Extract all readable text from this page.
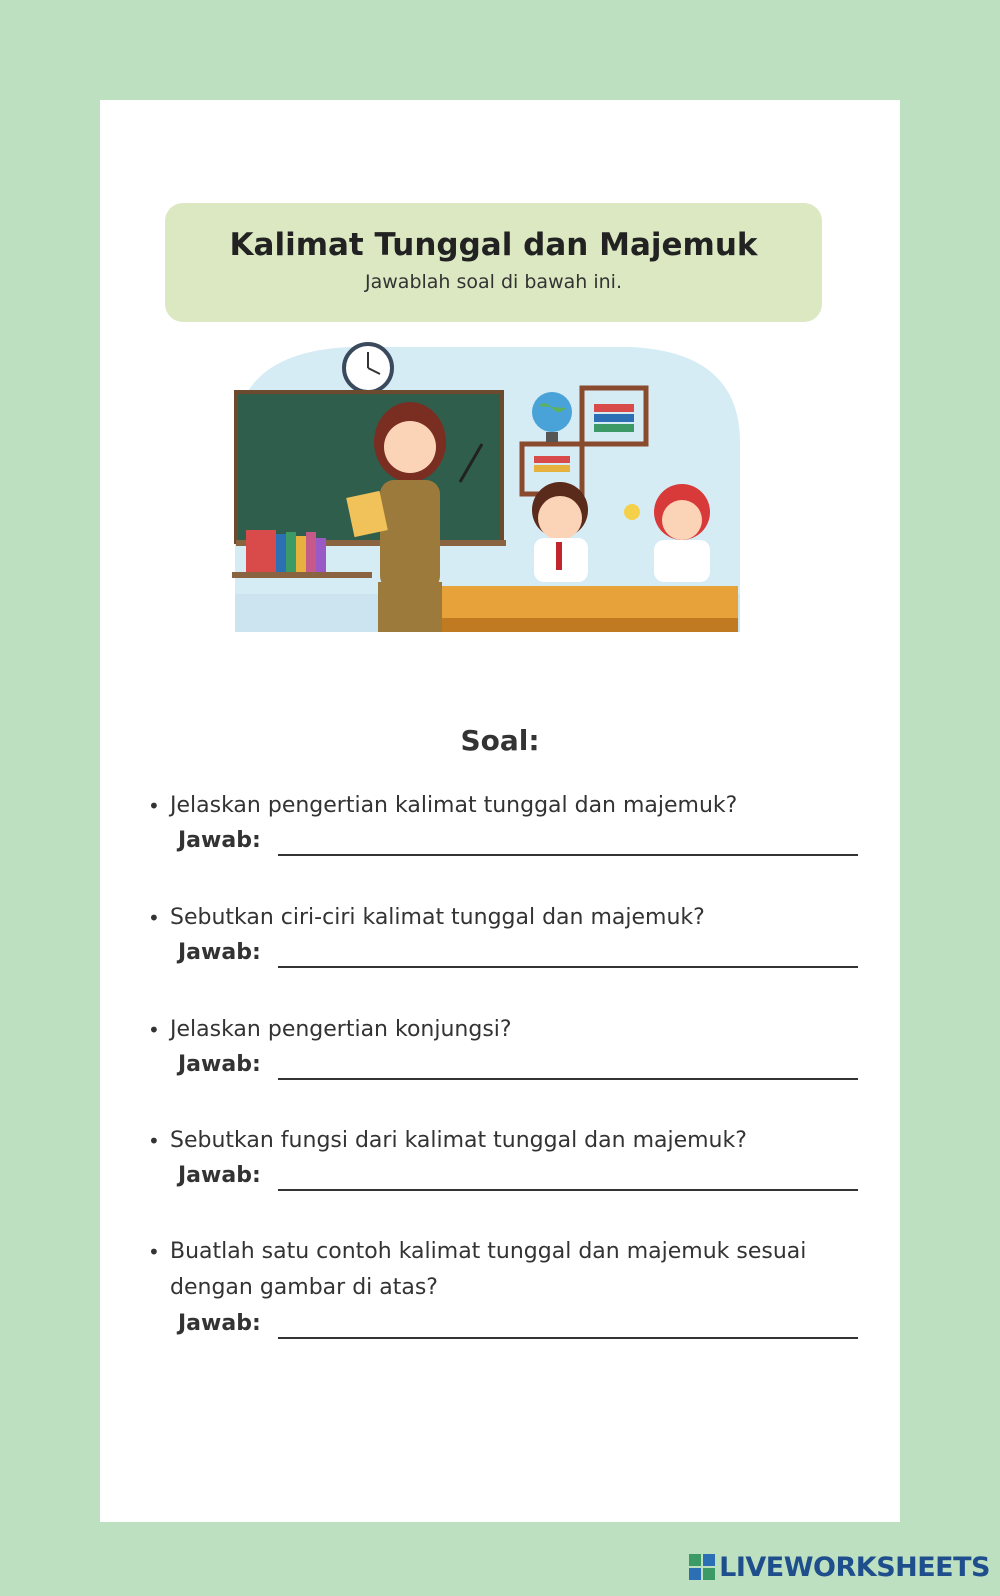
Kalimat Tunggal dan Majemuk
Jawablah soal di bawah ini.
Soal:
• Jelaskan pengertian kalimat tunggal dan majemuk?
Jawab:
• Sebutkan ciri-ciri kalimat tunggal dan majemuk?
Jawab:
• Jelaskan pengertian konjungsi?
Jawab:
• Sebutkan fungsi dari kalimat tunggal dan majemuk?
Jawab:
• Buatlah satu contoh kalimat tunggal dan majemuk sesuai dengan gambar di atas?
Jawab:
LIVEWORKSHEETS
